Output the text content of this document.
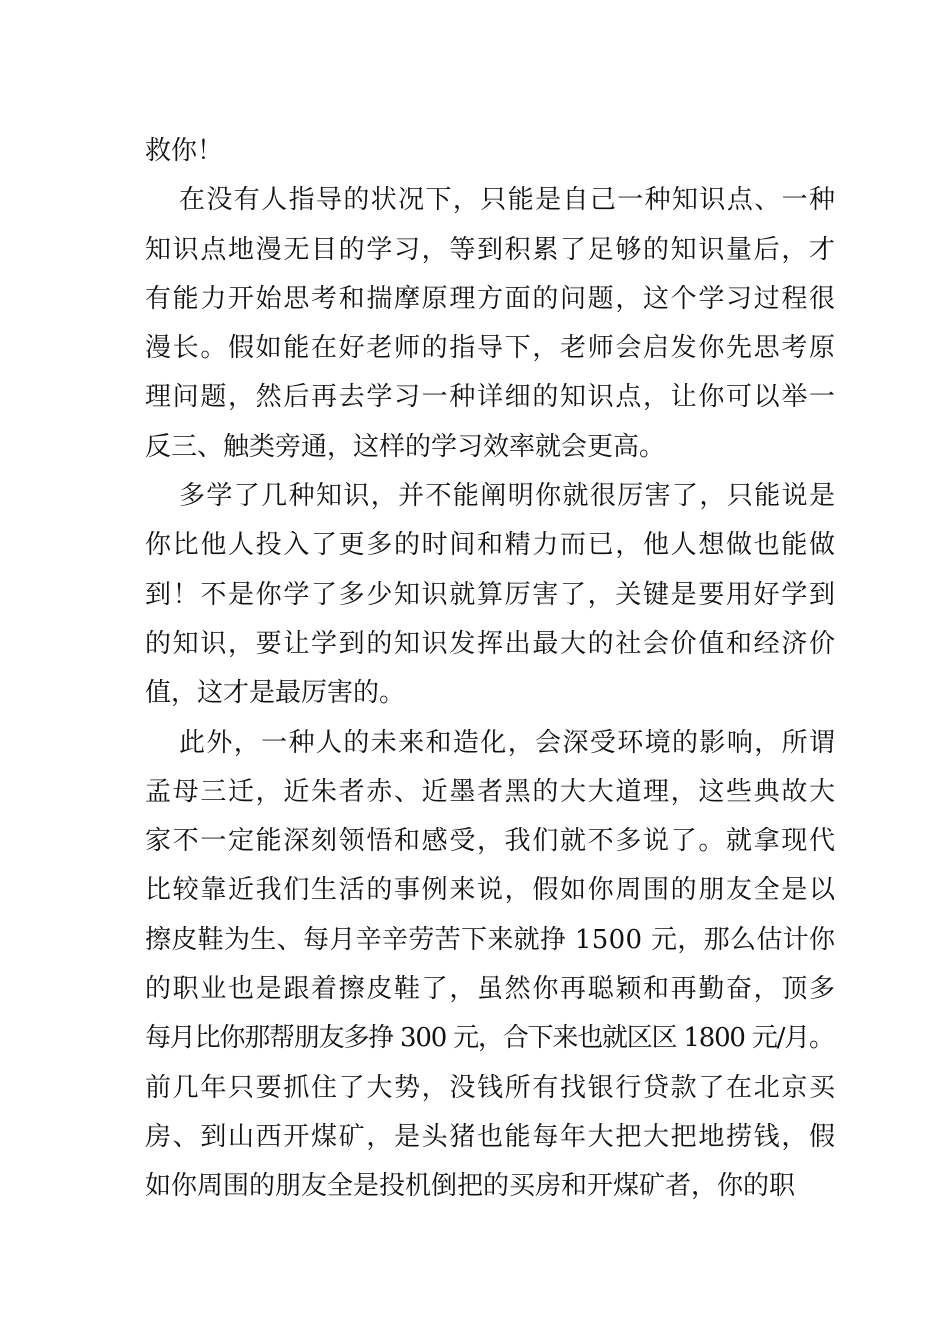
救你！
在没有人指导的状况下，只能是自己一种知识点、一种
知识点地漫无目的学习，等到积累了足够的知识量后，才
有能力开始思考和揣摩原理方面的问题，这个学习过程很
漫长。假如能在好老师的指导下，老师会启发你先思考原
理问题，然后再去学习一种详细的知识点，让你可以举一
反三、触类旁通，这样的学习效率就会更高。
多学了几种知识，并不能阐明你就很厉害了，只能说是
你比他人投入了更多的时间和精力而已，他人想做也能做
到！不是你学了多少知识就算厉害了，关键是要用好学到
的知识，要让学到的知识发挥出最大的社会价值和经济价
值，这才是最厉害的。
此外，一种人的未来和造化，会深受环境的影响，所谓
孟母三迁，近朱者赤、近墨者黑的大大道理，这些典故大
家不一定能深刻领悟和感受，我们就不多说了。就拿现代
比较靠近我们生活的事例来说，假如你周围的朋友全是以
擦皮鞋为生、每月辛辛劳苦下来就挣 1500 元，那么估计你
的职业也是跟着擦皮鞋了，虽然你再聪颖和再勤奋，顶多
每月比你那帮朋友多挣 300 元，合下来也就区区 1800 元/月。
前几年只要抓住了大势，没钱所有找银行贷款了在北京买
房、到山西开煤矿，是头猪也能每年大把大把地捞钱，假
如你周围的朋友全是投机倒把的买房和开煤矿者，你的职
